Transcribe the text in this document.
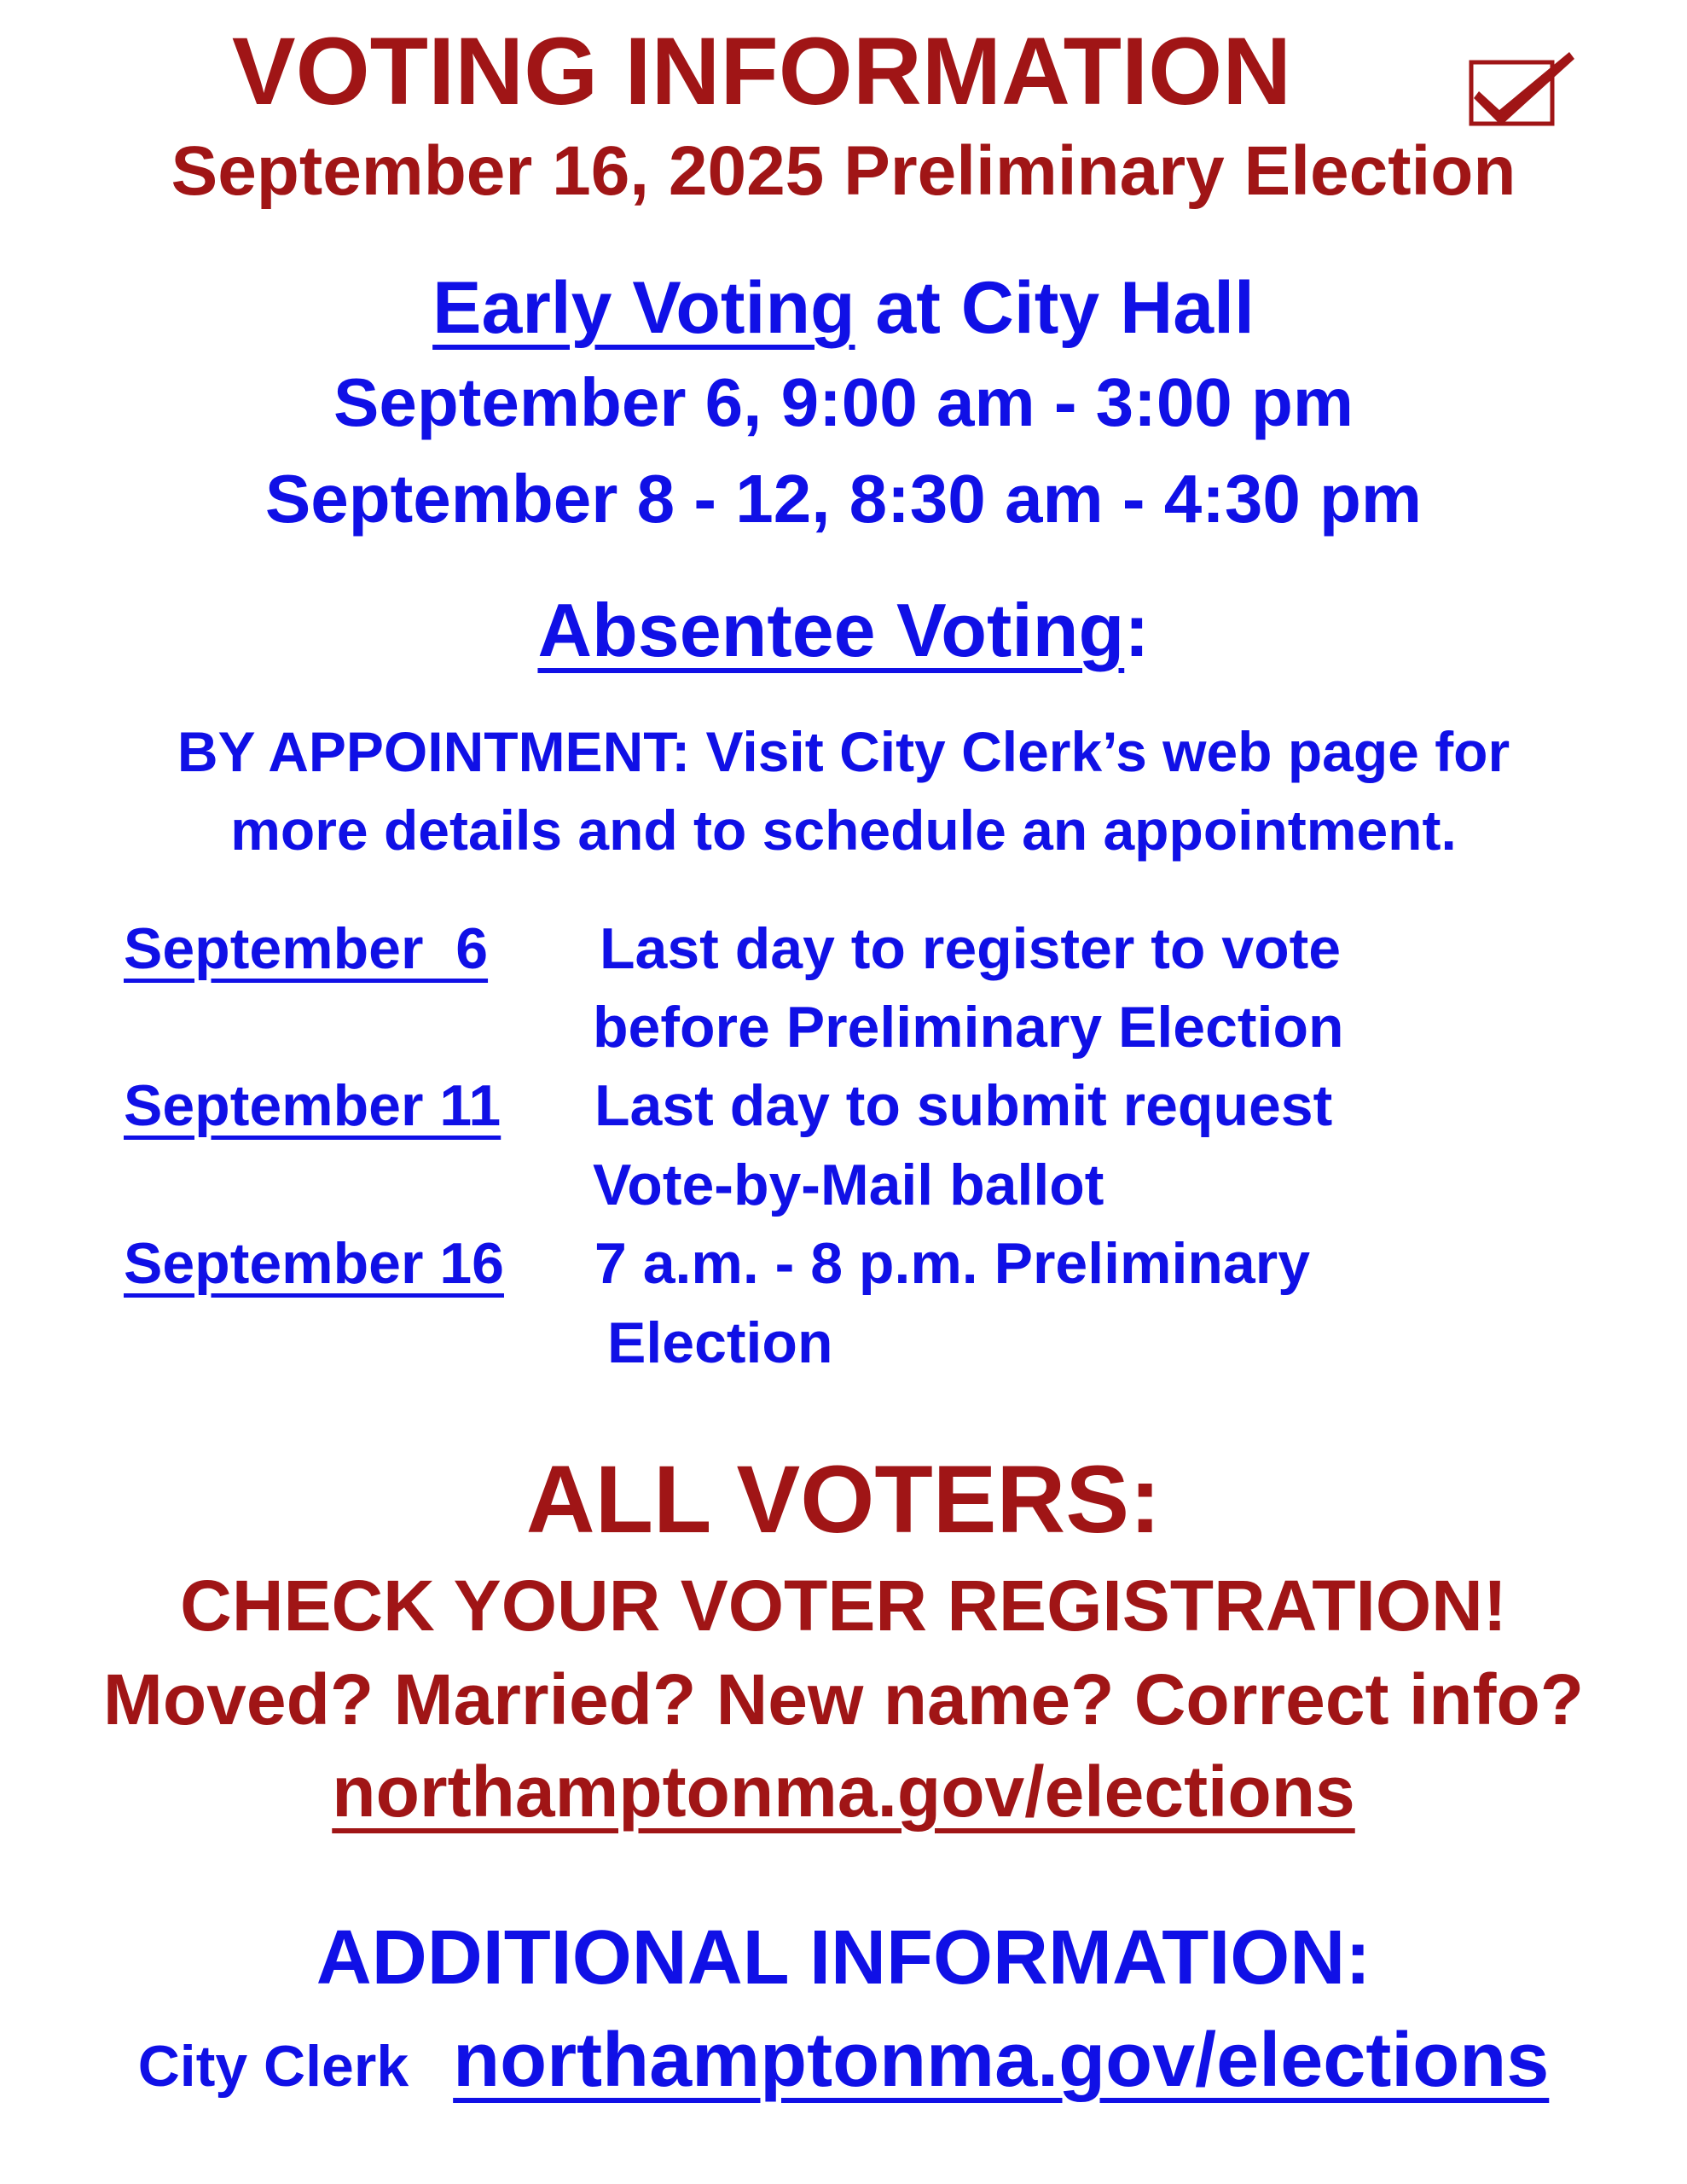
VOTING INFORMATION
September 16, 2025 Preliminary Election
Early Voting at City Hall
September 6, 9:00 am - 3:00 pm
September 8 - 12, 8:30 am - 4:30 pm
Absentee Voting:
BY APPOINTMENT: Visit City Clerk’s web page for
more details and to schedule an appointment.
September  6 Last day to register to vote
before Preliminary Election
September 11 Last day to submit request
Vote-by-Mail ballot
September 16 7 a.m. - 8 p.m. Preliminary
Election
ALL VOTERS:
CHECK YOUR VOTER REGISTRATION!
Moved? Married? New name? Correct info?
northamptonma.gov/elections
ADDITIONAL INFORMATION:
City Clerk northamptonma.gov/elections
